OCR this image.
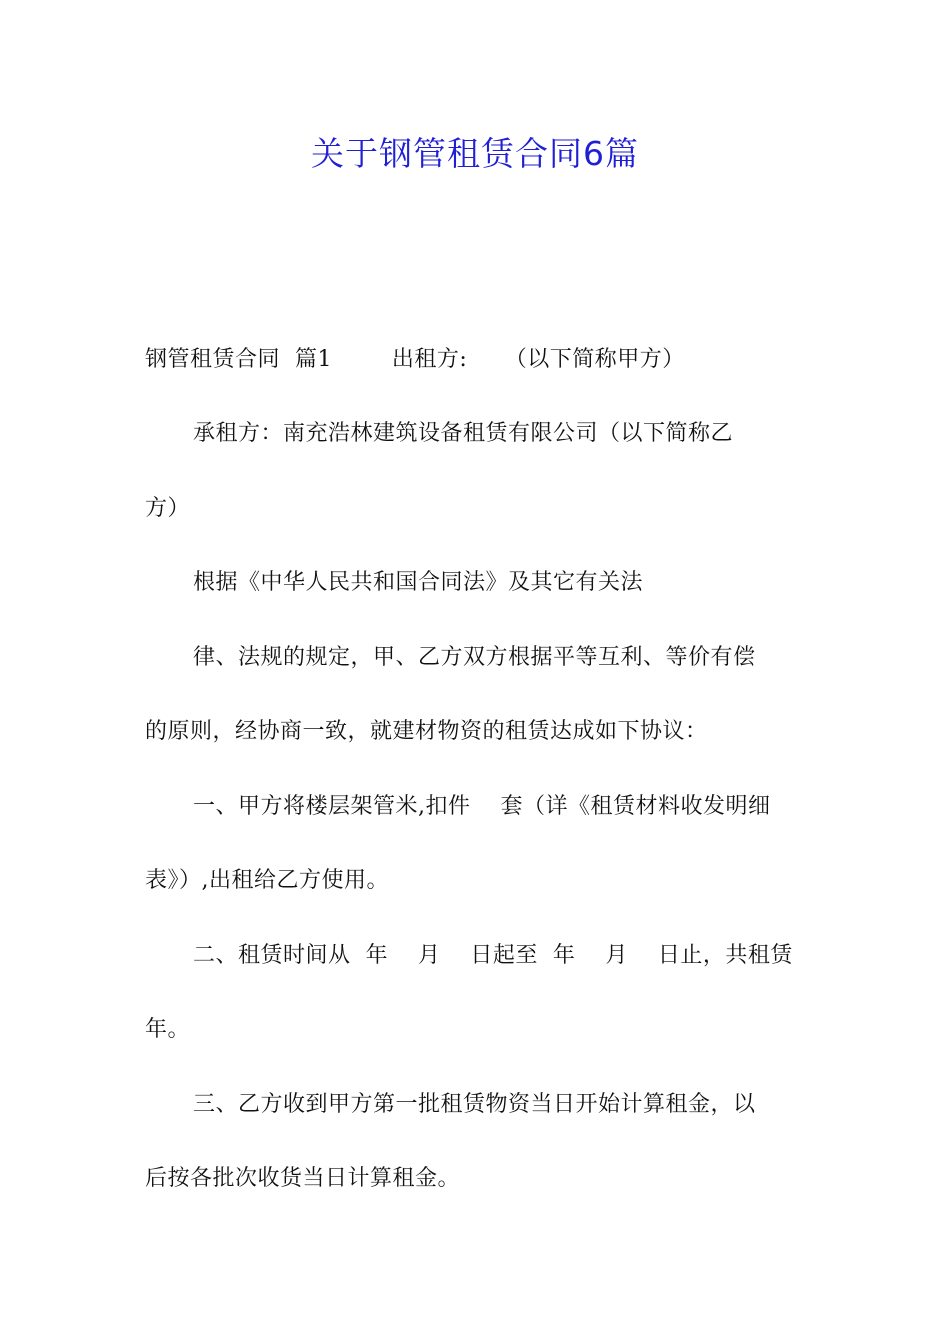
关于钢管租赁合同6篇
钢管租赁合同  篇1        出租方:     （以下简称甲方）
承租方：南充浩林建筑设备租赁有限公司（以下简称乙
方）
根据《中华人民共和国合同法》及其它有关法
律、法规的规定，甲、乙方双方根据平等互利、等价有偿
的原则，经协商一致，就建材物资的租赁达成如下协议：
一、甲方将楼层架管米,扣件    套（详《租赁材料收发明细
表》）,出租给乙方使用。
二、租赁时间从  年    月    日起至  年    月    日止，共租赁
年。
三、乙方收到甲方第一批租赁物资当日开始计算租金，以
后按各批次收货当日计算租金。
